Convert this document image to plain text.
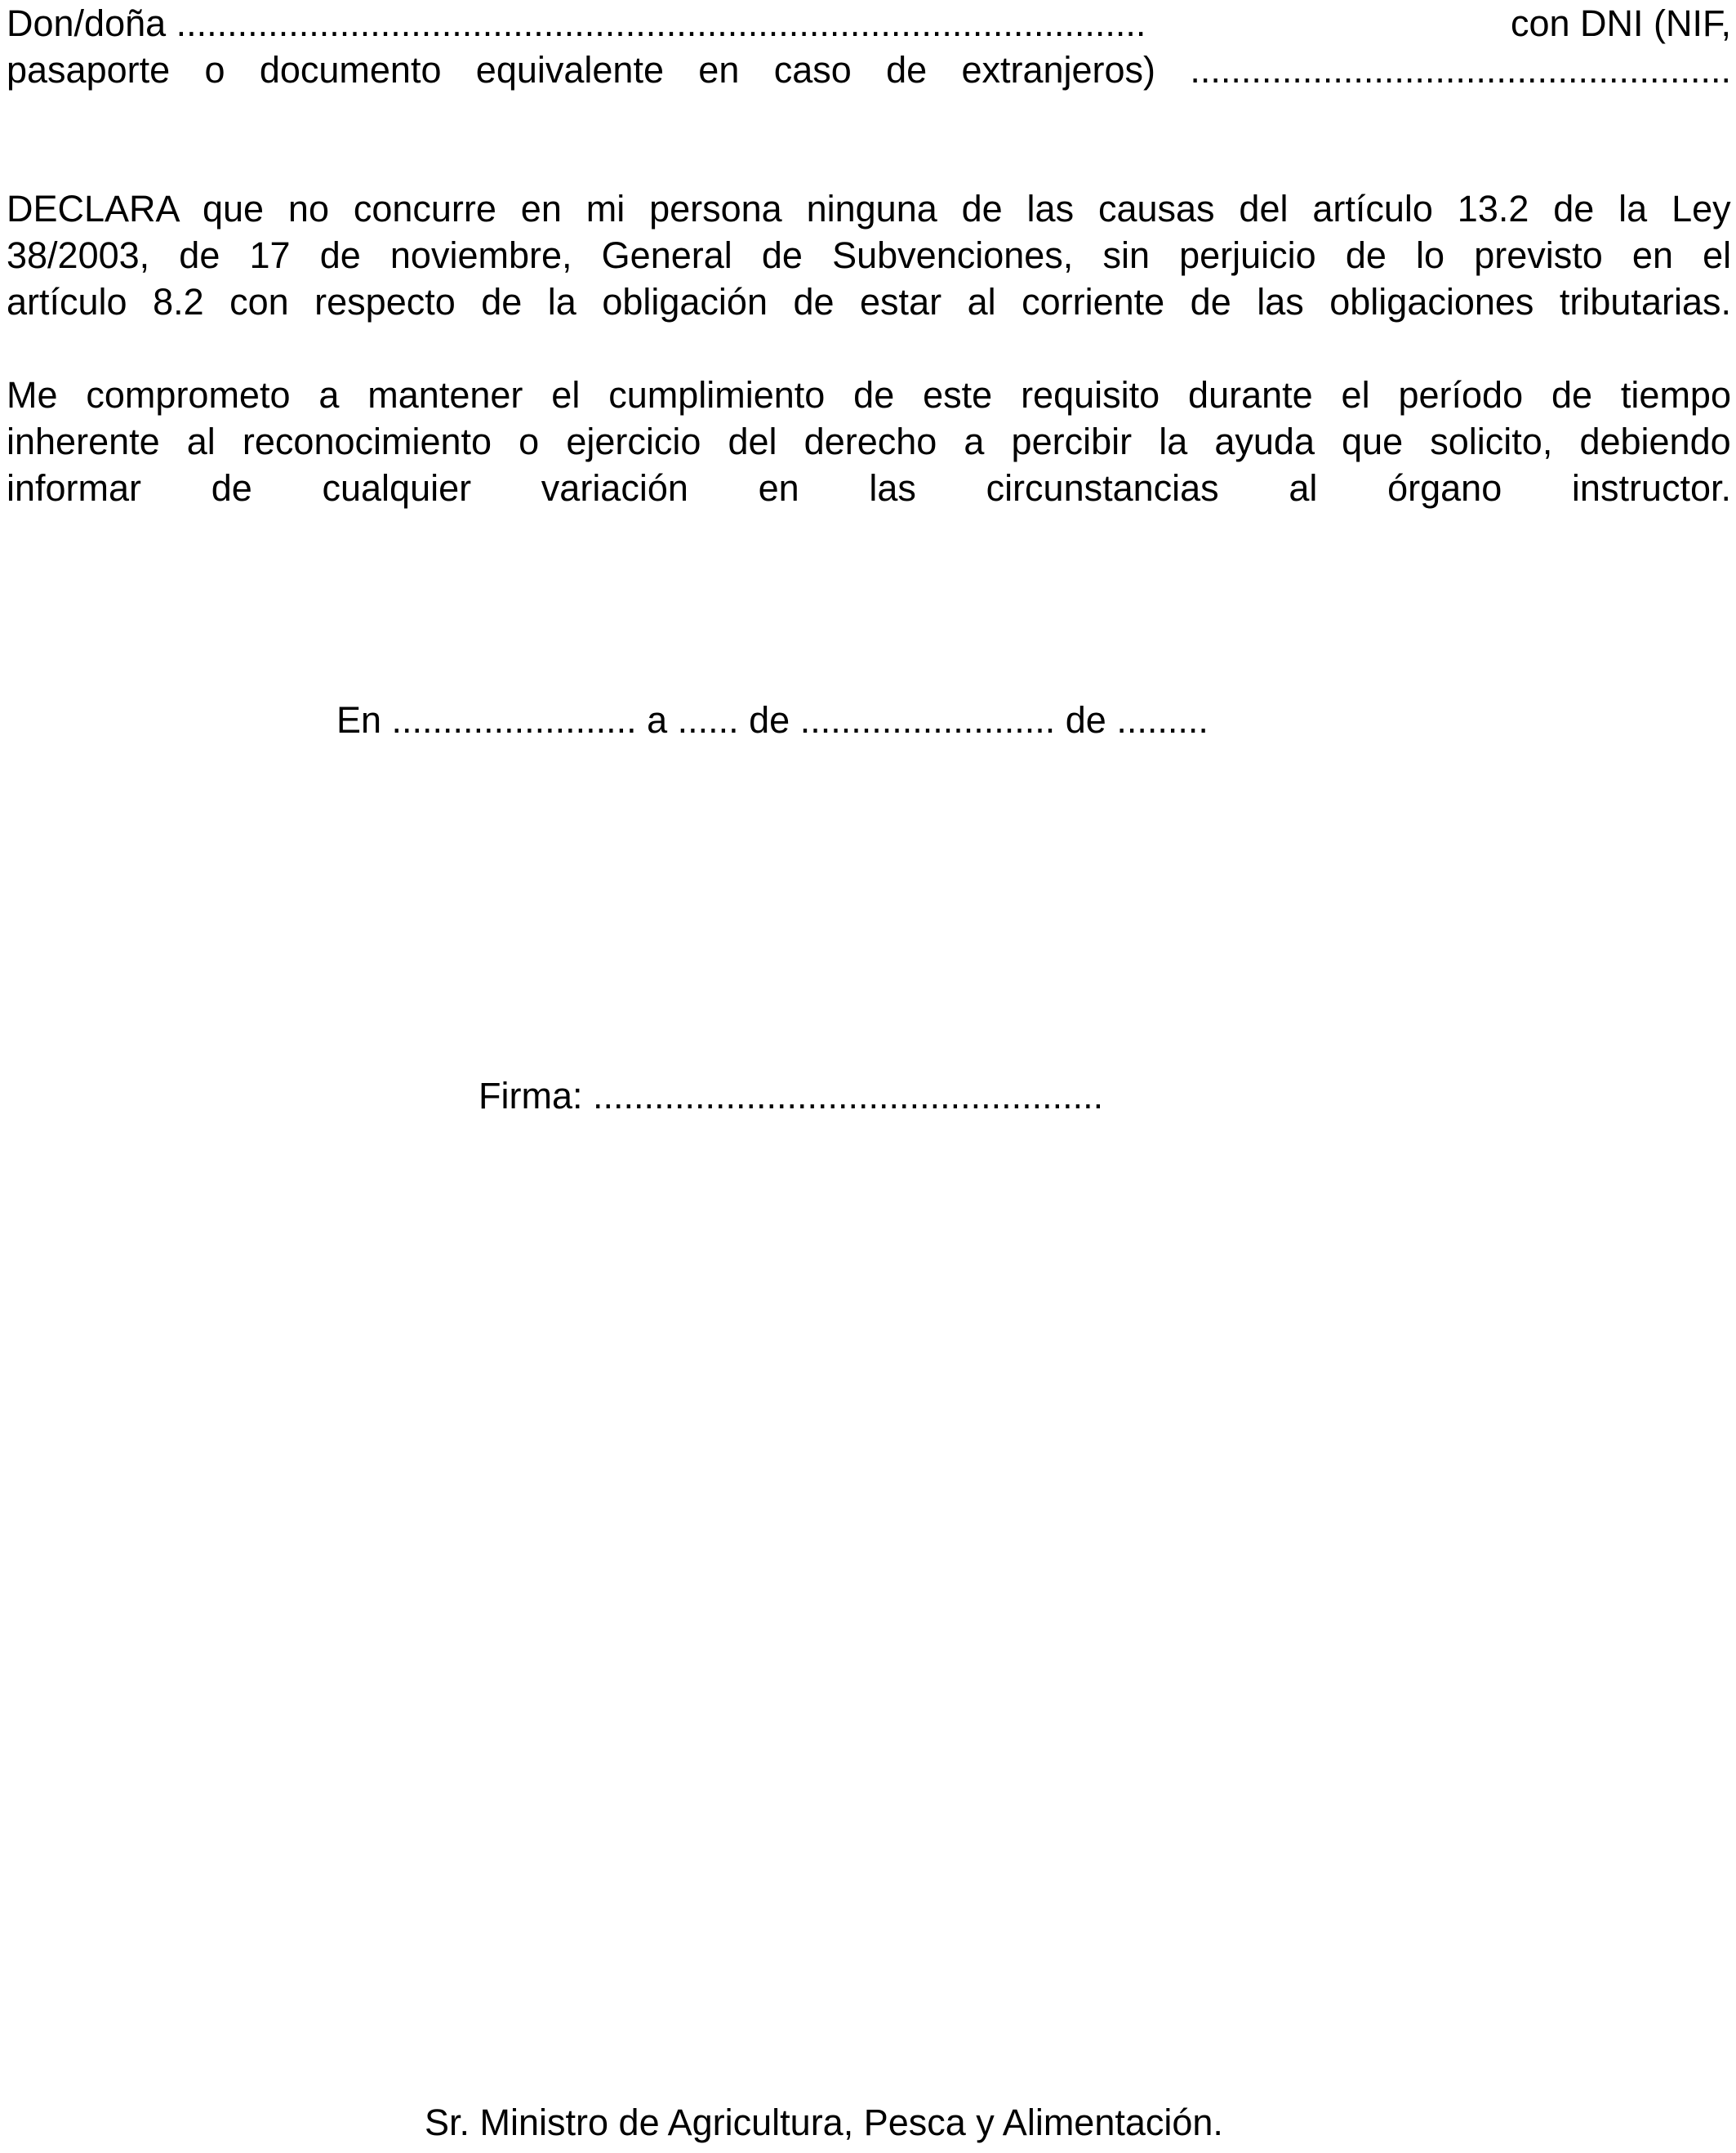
Don/doña ...............................................................................................	con DNI (NIF,
pasaporte o documento equivalente en caso de extranjeros) .....................................................
DECLARA que no concurre en mi persona ninguna de las causas del artículo 13.2 de la Ley
38/2003, de 17 de noviembre, General de Subvenciones, sin perjuicio de lo previsto en el
artículo 8.2 con respecto de la obligación de estar al corriente de las obligaciones tributarias.
Me comprometo a mantener el cumplimiento de este requisito durante el período de tiempo
inherente al reconocimiento o ejercicio del derecho a percibir la ayuda que solicito, debiendo
informar de cualquier variación en las circunstancias al órgano instructor.
En ........................ a ...... de ......................... de .........
Firma: ..................................................
Sr. Ministro de Agricultura, Pesca y Alimentación.
